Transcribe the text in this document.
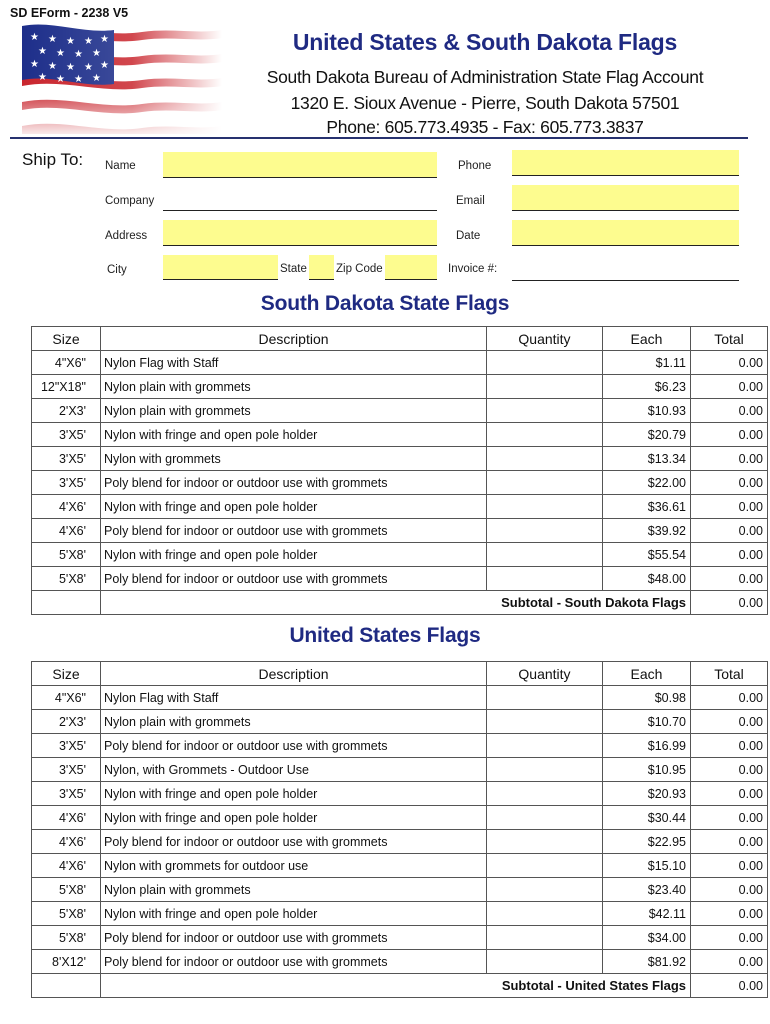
SD EForm - 2238 V5
United States & South Dakota Flags
South Dakota Bureau of Administration State Flag Account
1320 E. Sioux Avenue - Pierre, South Dakota 57501
Phone: 605.773.4935 - Fax: 605.773.3837
Ship To: Name
Company
Address
City	State	Zip Code
Phone
Email
Date
Invoice #:
South Dakota State Flags
Size	Description	Quantity	Each	Total
4"X6"	Nylon Flag with Staff		$1.11	0.00
12"X18"	Nylon plain with grommets		$6.23	0.00
2'X3'	Nylon plain with grommets		$10.93	0.00
3'X5'	Nylon with fringe and open pole holder		$20.79	0.00
3'X5'	Nylon with grommets		$13.34	0.00
3'X5'	Poly blend for indoor or outdoor use with grommets		$22.00	0.00
4'X6'	Nylon with fringe and open pole holder		$36.61	0.00
4'X6'	Poly blend for indoor or outdoor use with grommets		$39.92	0.00
5'X8'	Nylon with fringe and open pole holder		$55.54	0.00
5'X8'	Poly blend for indoor or outdoor use with grommets		$48.00	0.00
	Subtotal - South Dakota Flags			0.00
United States Flags
Size	Description	Quantity	Each	Total
4"X6"	Nylon Flag with Staff		$0.98	0.00
2'X3'	Nylon plain with grommets		$10.70	0.00
3'X5'	Poly blend for indoor or outdoor use with grommets		$16.99	0.00
3'X5'	Nylon, with Grommets - Outdoor Use		$10.95	0.00
3'X5'	Nylon with fringe and open pole holder		$20.93	0.00
4'X6'	Nylon with fringe and open pole holder		$30.44	0.00
4'X6'	Poly blend for indoor or outdoor use with grommets		$22.95	0.00
4'X6'	Nylon with grommets for outdoor use		$15.10	0.00
5'X8'	Nylon plain with grommets		$23.40	0.00
5'X8'	Nylon with fringe and open pole holder		$42.11	0.00
5'X8'	Poly blend for indoor or outdoor use with grommets		$34.00	0.00
8'X12'	Poly blend for indoor or outdoor use with grommets		$81.92	0.00
	Subtotal - United States Flags			0.00
